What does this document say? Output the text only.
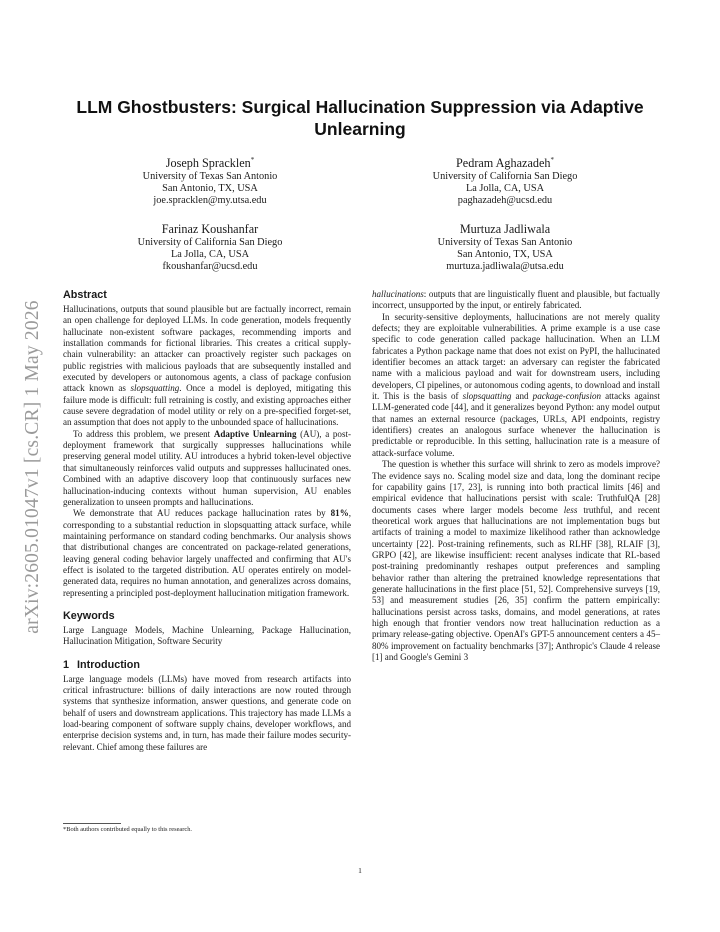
arXiv:2605.01047v1 [cs.CR] 1 May 2026
LLM Ghostbusters: Surgical Hallucination Suppression via Adaptive Unlearning
Joseph Spracklen*
University of Texas San Antonio
San Antonio, TX, USA
joe.spracklen@my.utsa.edu
Pedram Aghazadeh*
University of California San Diego
La Jolla, CA, USA
paghazadeh@ucsd.edu
Farinaz Koushanfar
University of California San Diego
La Jolla, CA, USA
fkoushanfar@ucsd.edu
Murtuza Jadliwala
University of Texas San Antonio
San Antonio, TX, USA
murtuza.jadliwala@utsa.edu
Abstract

Hallucinations, outputs that sound plausible but are factually incorrect, remain an open challenge for deployed LLMs. In code generation, models frequently hallucinate non-existent software packages, recommending imports and installation commands for fictional libraries. This creates a critical supply-chain vulnerability: an attacker can proactively register such packages on public registries with malicious payloads that are subsequently installed and executed by developers or autonomous agents, a class of package confusion attack known as slopsquatting. Once a model is deployed, mitigating this failure mode is difficult: full retraining is costly, and existing approaches either cause severe degradation of model utility or rely on a pre-specified forget-set, an assumption that does not apply to the unbounded space of hallucinations.

To address this problem, we present Adaptive Unlearning (AU), a post-deployment framework that surgically suppresses hallucinations while preserving general model utility. AU introduces a hybrid token-level objective that simultaneously reinforces valid outputs and suppresses hallucinated ones. Combined with an adaptive discovery loop that continuously surfaces new hallucination-inducing contexts without human supervision, AU enables generalization to unseen prompts and hallucinations.

We demonstrate that AU reduces package hallucination rates by 81%, corresponding to a substantial reduction in slopsquatting attack surface, while maintaining performance on standard coding benchmarks. Our analysis shows that distributional changes are concentrated on package-related generations, leaving general coding behavior largely unaffected and confirming that AU's effect is isolated to the targeted distribution. AU operates entirely on model-generated data, requires no human annotation, and generalizes across domains, representing a principled post-deployment hallucination mitigation framework.

Keywords

Large Language Models, Machine Unlearning, Package Hallucination, Hallucination Mitigation, Software Security

1 Introduction

Large language models (LLMs) have moved from research artifacts into critical infrastructure: billions of daily interactions are now routed through systems that synthesize information, answer questions, and generate code on behalf of users and downstream applications. This trajectory has made LLMs a load-bearing component of software supply chains, developer workflows, and enterprise decision systems and, in turn, has made their failure modes security-relevant. Chief among these failures are

hallucinations: outputs that are linguistically fluent and plausible, but factually incorrect, unsupported by the input, or entirely fabricated.

In security-sensitive deployments, hallucinations are not merely quality defects; they are exploitable vulnerabilities. A prime example is a use case specific to code generation called package hallucination. When an LLM fabricates a Python package name that does not exist on PyPI, the hallucinated identifier becomes an attack target: an adversary can register the fabricated name with a malicious payload and wait for downstream users, including developers, CI pipelines, or autonomous coding agents, to download and install it. This is the basis of slopsquatting and package-confusion attacks against LLM-generated code [44], and it generalizes beyond Python: any model output that names an external resource (packages, URLs, API endpoints, registry identifiers) creates an analogous surface whenever the hallucination is predictable or reproducible. In this setting, hallucination rate is a measure of attack-surface volume.

The question is whether this surface will shrink to zero as models improve? The evidence says no. Scaling model size and data, long the dominant recipe for capability gains [17, 23], is running into both practical limits [46] and empirical evidence that hallucinations persist with scale: TruthfulQA [28] documents cases where larger models become less truthful, and recent theoretical work argues that hallucinations are not implementation bugs but artifacts of training a model to maximize likelihood rather than acknowledge uncertainty [22]. Post-training refinements, such as RLHF [38], RLAIF [3], GRPO [42], are likewise insufficient: recent analyses indicate that RL-based post-training predominantly reshapes output preferences and sampling behavior rather than altering the pretrained knowledge representations that generate hallucinations in the first place [51, 52]. Comprehensive surveys [19, 53] and measurement studies [26, 35] confirm the pattern empirically: hallucinations persist across tasks, domains, and model generations, at rates high enough that frontier vendors now treat hallucination reduction as a primary release-gating objective. OpenAI's GPT-5 announcement centers a 45–80% improvement on factuality benchmarks [37]; Anthropic's Claude 4 release [1] and Google's Gemini 3

*Both authors contributed equally to this research.
1
